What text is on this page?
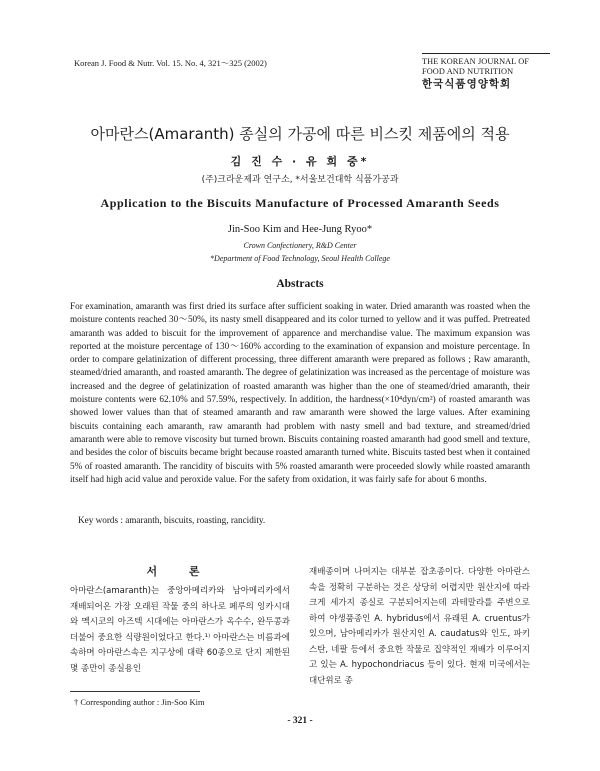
Korean J. Food & Nutr. Vol. 15. No. 4, 321～325 (2002)	THE KOREAN JOURNAL OF
FOOD AND NUTRITION
한국식품영양학회
아마란스(Amaranth) 종실의 가공에 따른 비스킷 제품에의 적용
김 진 수 · 유 희 중*
(주)크라운제과 연구소, *서울보건대학 식품가공과
Application to the Biscuits Manufacture of Processed Amaranth Seeds
Jin-Soo Kim and Hee-Jung Ryoo*
Crown Confectionery, R&D Center
*Department of Food Technology, Seoul Health College
Abstracts

For examination, amaranth was first dried its surface after sufficient soaking in water. Dried amaranth was roasted when the moisture contents reached 30～50%, its nasty smell disappeared and its color turned to yellow and it was puffed. Pretreated amaranth was added to biscuit for the improvement of apparence and merchandise value. The maximum expansion was reported at the moisture percentage of 130～160% according to the examination of expansion and moisture percentage. In order to compare gelatinization of different processing, three different amaranth were prepared as follows ; Raw amaranth, steamed/dried amaranth, and roasted amaranth. The degree of gelatinization was increased as the percentage of moisture was increased and the degree of gelatinization of roasted amaranth was higher than the one of steamed/dried amaranth, their moisture contents were 62.10% and 57.59%, respectively. In addition, the hardness(×10⁴dyn/cm²) of roasted amaranth was showed lower values than that of steamed amaranth and raw amaranth were showed the large values. After examining biscuits containing each amaranth, raw amaranth had problem with nasty smell and bad texture, and streamed/dried amaranth were able to remove viscosity but turned brown. Biscuits containing roasted amaranth had good smell and texture, and besides the color of biscuits became bright because roasted amaranth turned white. Biscuits tasted best when it contained 5% of roasted amaranth. The rancidity of biscuits with 5% roasted amaranth were proceeded slowly while roasted amaranth itself had high acid value and peroxide value. For the safety from oxidation, it was fairly safe for about 6 months.

Key words : amaranth, biscuits, roasting, rancidity.
서 론

아마란스(amaranth)는 중앙아메리카와 남아메리카에서 재배되어온 가장 오래된 작물 중의 하나로 페루의 잉카시대와 멕시코의 아즈텍 시대에는 아마란스가 옥수수, 완두콩과 더불어 중요한 식량원이었다고 한다.¹⁾ 아마란스는 비름과에 속하며 아마란스속은 지구상에 대략 60종으로 단지 제한된 몇 종만이 종실용인

재배종이며 나머지는 대부분 잡초종이다. 다양한 아마란스속을 정확히 구분하는 것은 상당히 어렵지만 원산지에 따라 크게 세가지 종실로 구분되어지는데 과테말라를 주변으로 하여 야생품종인 A. hybridus에서 유래된 A. cruentus가 있으며, 남아메리카가 원산지인 A. caudatus와 인도, 파키스탄, 네팔 등에서 중요한 작물로 집약적인 재배가 이루어지고 있는 A. hypochondriacus 등이 있다. 현재 미국에서는 대단위로 종

† Corresponding author : Jin-Soo Kim
- 321 -
